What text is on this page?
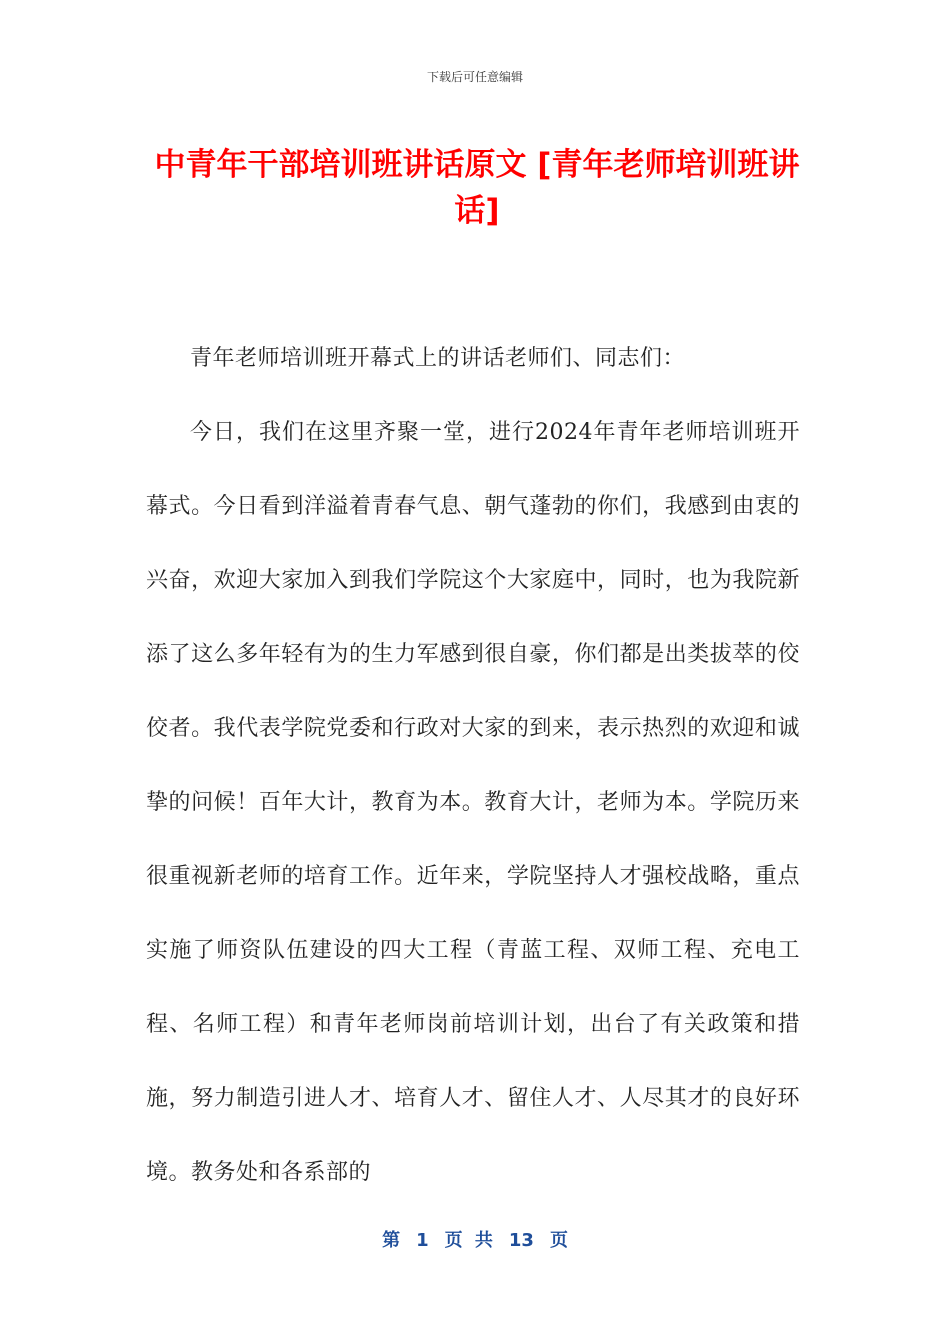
下载后可任意编辑
中青年干部培训班讲话原文 [青年老师培训班讲话]

青年老师培训班开幕式上的讲话老师们、同志们：

今日，我们在这里齐聚一堂，进行2024年青年老师培训班开幕式。今日看到洋溢着青春气息、朝气蓬勃的你们，我感到由衷的兴奋，欢迎大家加入到我们学院这个大家庭中，同时，也为我院新添了这么多年轻有为的生力军感到很自豪，你们都是出类拔萃的佼佼者。我代表学院党委和行政对大家的到来，表示热烈的欢迎和诚挚的问候！百年大计，教育为本。教育大计，老师为本。学院历来很重视新老师的培育工作。近年来，学院坚持人才强校战略，重点实施了师资队伍建设的四大工程（青蓝工程、双师工程、充电工程、名师工程）和青年老师岗前培训计划，出台了有关政策和措施，努力制造引进人才、培育人才、留住人才、人尽其才的良好环境。教务处和各系部的

第 1 页 共 13 页
